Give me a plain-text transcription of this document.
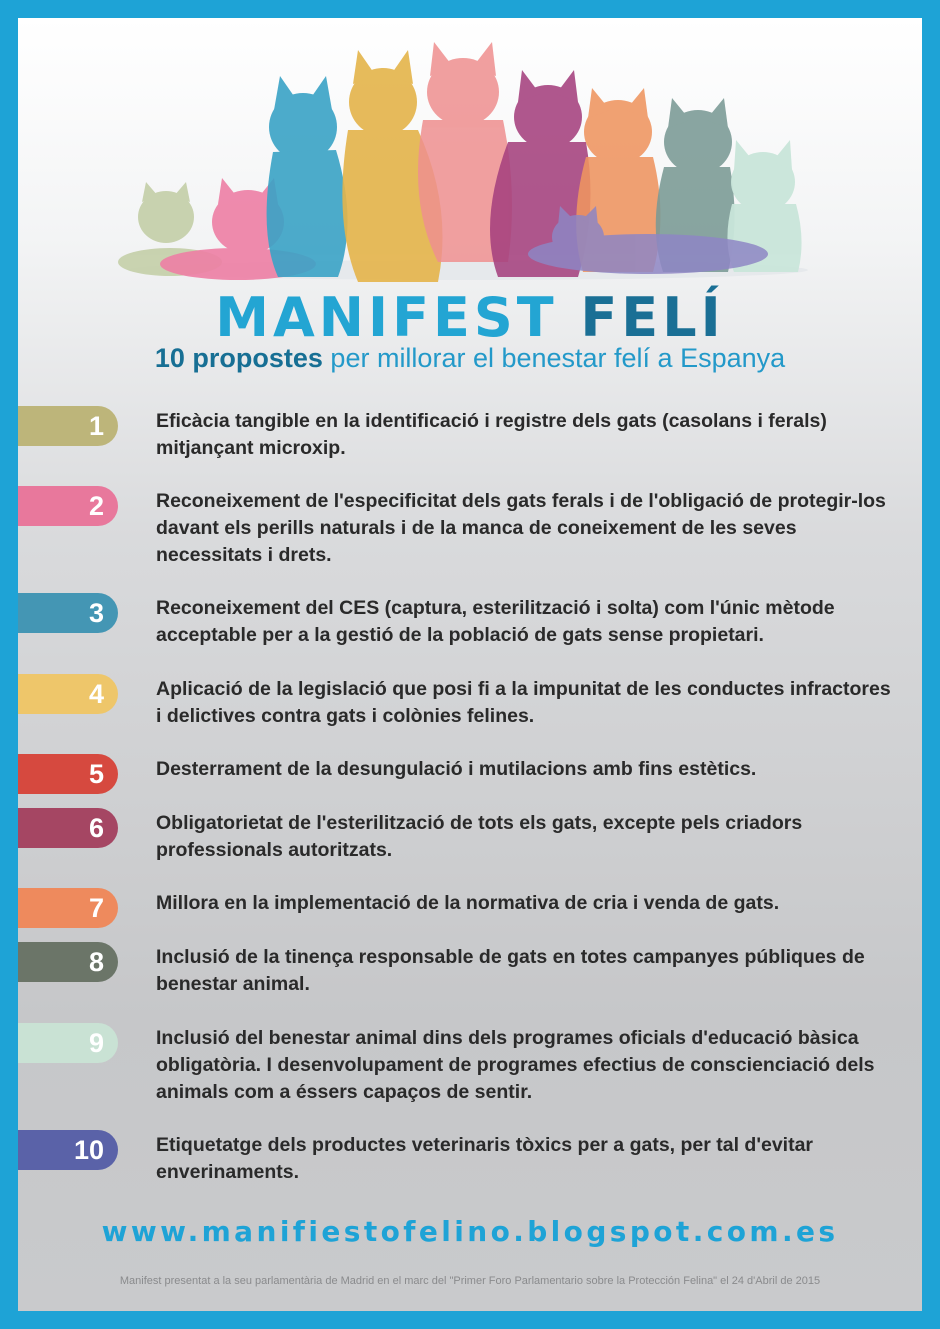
MANIFEST FELÍ
10 propostes per millorar el benestar felí a Espanya
1	Eficàcia tangible en la identificació i registre dels gats (casolans i ferals) mitjançant microxip.
2	Reconeixement de l'especificitat dels gats ferals i de l'obligació de protegir-los davant els perills naturals i de la manca de coneixement de les seves necessitats i drets.
3	Reconeixement del CES (captura, esterilització i solta) com l'únic mètode acceptable per a la gestió de la població de gats sense propietari.
4	Aplicació de la legislació que posi fi a la impunitat de les conductes infractores i delictives contra gats i colònies felines.
5	Desterrament de la desungulació i mutilacions amb fins estètics.
6	Obligatorietat de l'esterilització de tots els gats, excepte pels criadors professionals autoritzats.
7	Millora en la implementació de la normativa de cria i venda de gats.
8	Inclusió de la tinença responsable de gats en totes campanyes públiques de benestar animal.
9	Inclusió del benestar animal dins dels programes oficials d'educació bàsica obligatòria. I desenvolupament de programes efectius de conscienciació dels animals com a éssers capaços de sentir.
10	Etiquetatge dels productes veterinaris tòxics per a gats, per tal d'evitar enverinaments.
www.manifiestofelino.blogspot.com.es
Manifest presentat a la seu parlamentària de Madrid en el marc del "Primer Foro Parlamentario sobre la Protección Felina" el 24 d'Abril de 2015
